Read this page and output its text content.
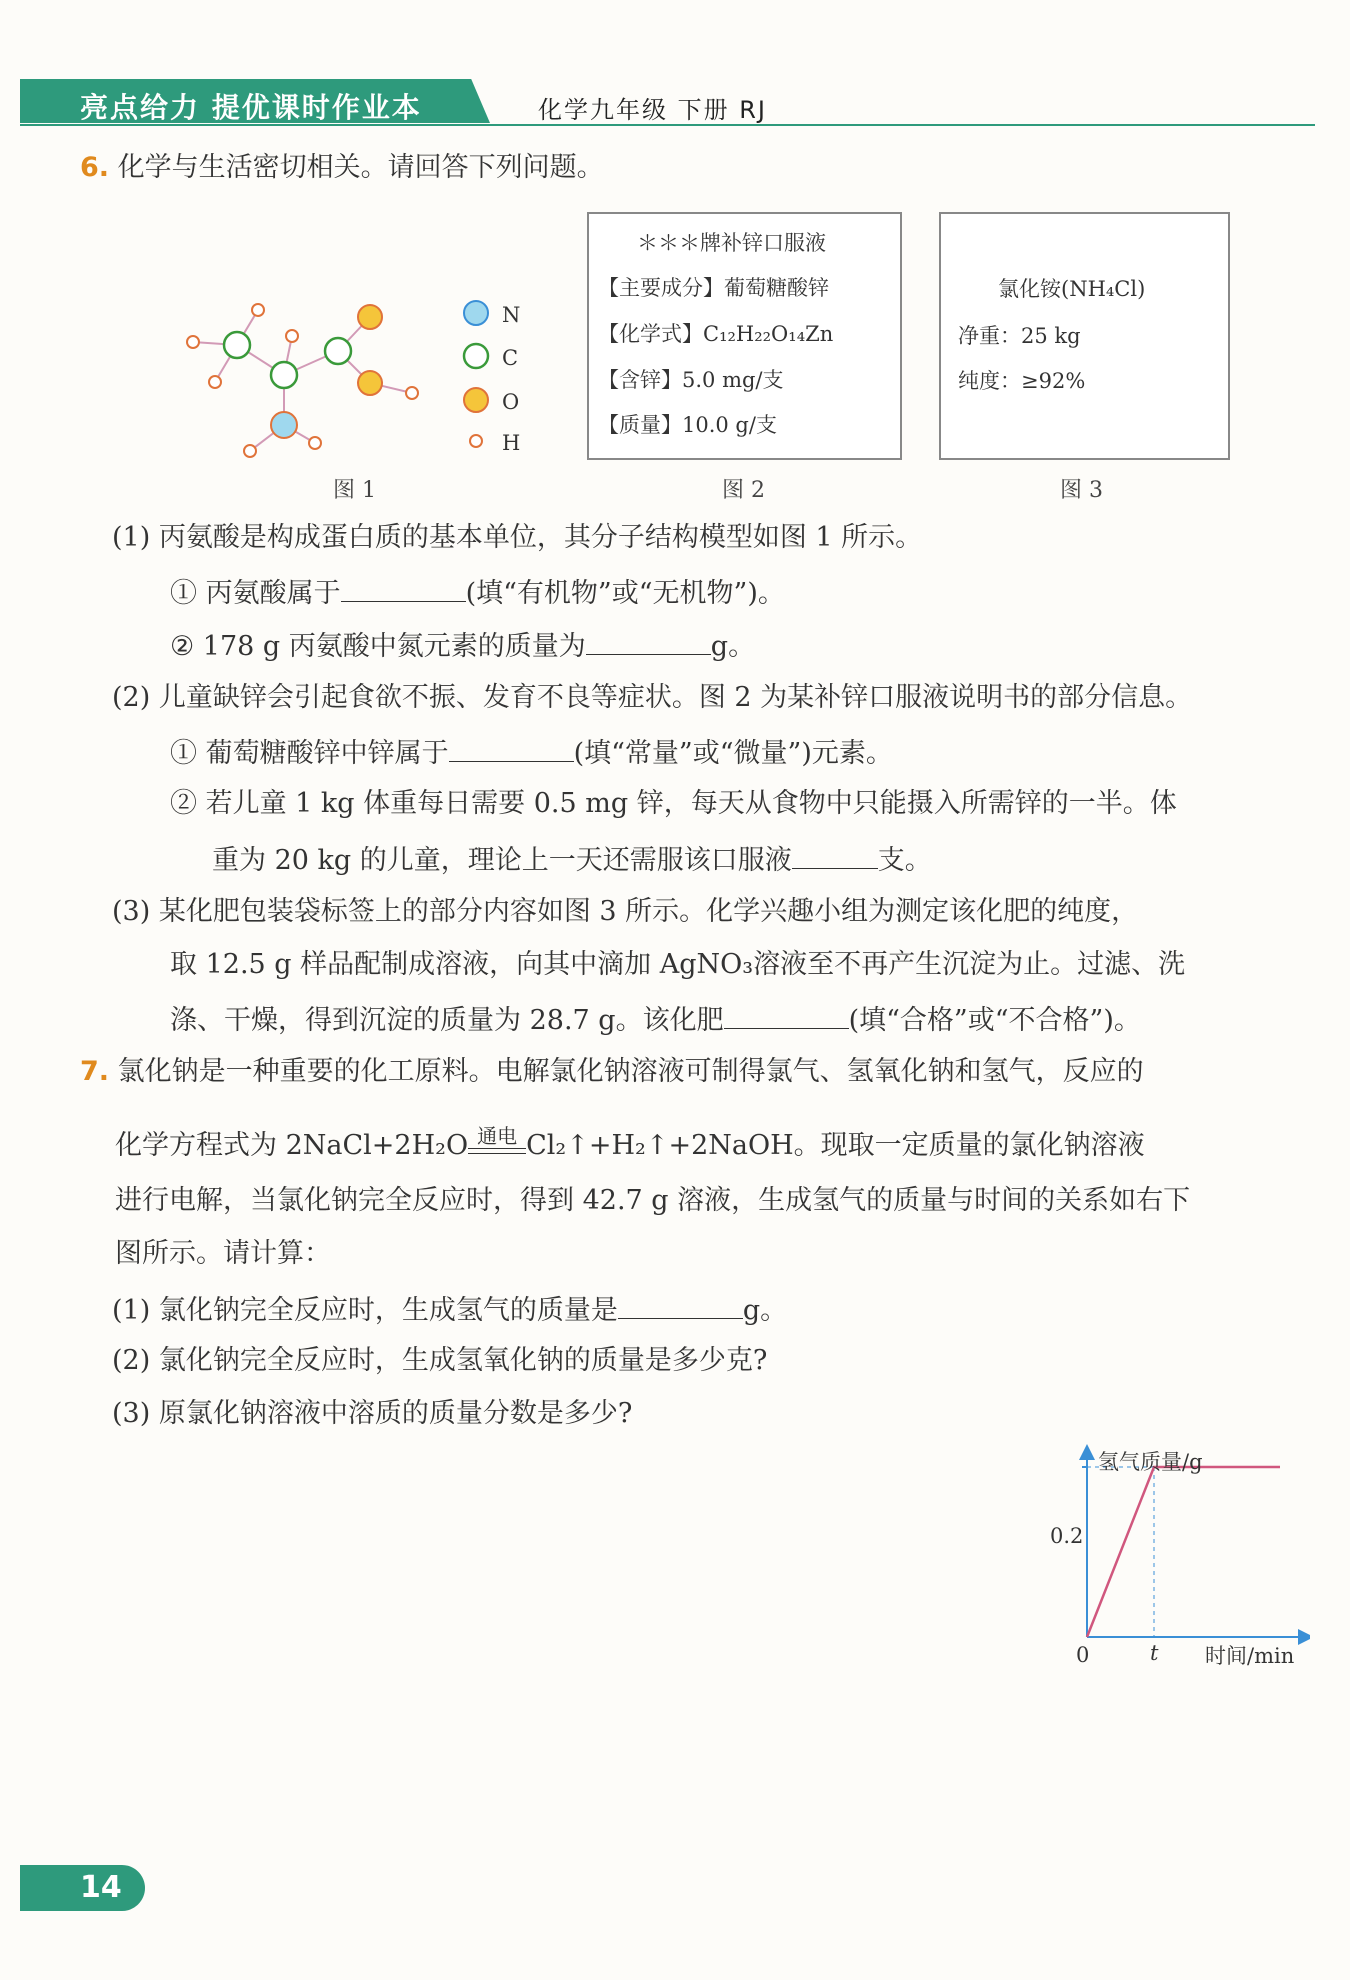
亮点给力 提优课时作业本	化学九年级 下册 RJ
6. 化学与生活密切相关。请回答下列问题。
N
C
O
H
图 1
＊＊＊牌补锌口服液
【主要成分】葡萄糖酸锌
【化学式】C₁₂H₂₂O₁₄Zn
【含锌】5.0 mg/支
【质量】10.0 g/支
图 2
氯化铵(NH₄Cl)
净重：25 kg
纯度：≥92%
图 3
(1) 丙氨酸是构成蛋白质的基本单位，其分子结构模型如图 1 所示。
① 丙氨酸属于	(填“有机物”或“无机物”)。
② 178 g 丙氨酸中氮元素的质量为	g。
(2) 儿童缺锌会引起食欲不振、发育不良等症状。图 2 为某补锌口服液说明书的部分信息。
① 葡萄糖酸锌中锌属于	(填“常量”或“微量”)元素。
② 若儿童 1 kg 体重每日需要 0.5 mg 锌，每天从食物中只能摄入所需锌的一半。体
重为 20 kg 的儿童，理论上一天还需服该口服液	支。
(3) 某化肥包装袋标签上的部分内容如图 3 所示。化学兴趣小组为测定该化肥的纯度，
取 12.5 g 样品配制成溶液，向其中滴加 AgNO₃溶液至不再产生沉淀为止。过滤、洗
涤、干燥，得到沉淀的质量为 28.7 g。该化肥	(填“合格”或“不合格”)。
7. 氯化钠是一种重要的化工原料。电解氯化钠溶液可制得氯气、氢氧化钠和氢气，反应的
化学方程式为 2NaCl+2H₂O 通电 Cl₂↑+H₂↑+2NaOH。现取一定质量的氯化钠溶液
进行电解，当氯化钠完全反应时，得到 42.7 g 溶液，生成氢气的质量与时间的关系如右下
图所示。请计算：
(1) 氯化钠完全反应时，生成氢气的质量是	g。
(2) 氯化钠完全反应时，生成氢氧化钠的质量是多少克?
(3) 原氯化钠溶液中溶质的质量分数是多少?
氢气质量/g
时间/min
0.2
0	t
14
